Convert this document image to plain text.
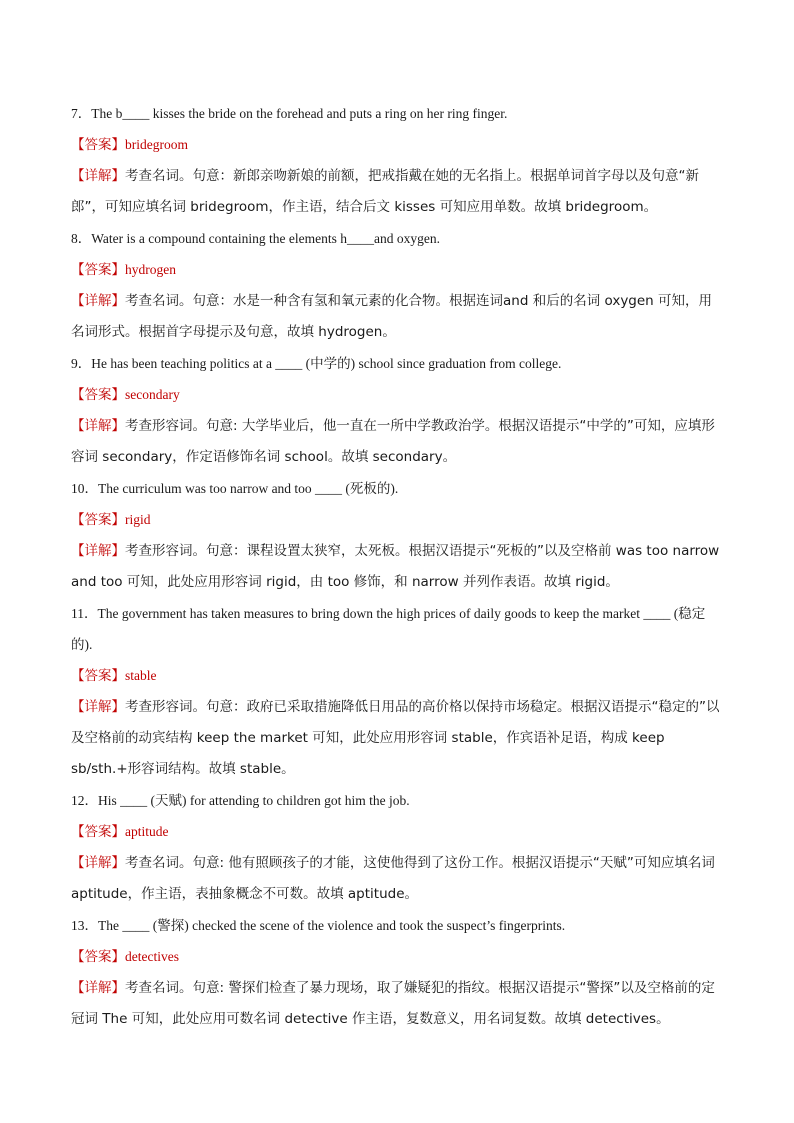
7．The b____ kisses the bride on the forehead and puts a ring on her ring finger.

【答案】bridegroom

【详解】考查名词。句意：新郎亲吻新娘的前额，把戒指戴在她的无名指上。根据单词首字母以及句意“新郎”，可知应填名词 bridegroom，作主语，结合后文 kisses 可知应用单数。故填 bridegroom。

8．Water is a compound containing the elements h____and oxygen.

【答案】hydrogen

【详解】考查名词。句意：水是一种含有氢和氧元素的化合物。根据连词and 和后的名词 oxygen 可知，用名词形式。根据首字母提示及句意，故填 hydrogen。

9．He has been teaching politics at a ____ (中学的) school since graduation from college.

【答案】secondary

【详解】考查形容词。句意: 大学毕业后，他一直在一所中学教政治学。根据汉语提示“中学的”可知，应填形容词 secondary，作定语修饰名词 school。故填 secondary。

10．The curriculum was too narrow and too ____ (死板的).

【答案】rigid

【详解】考查形容词。句意：课程设置太狭窄，太死板。根据汉语提示“死板的”以及空格前 was too narrow and too 可知，此处应用形容词 rigid，由 too 修饰，和 narrow 并列作表语。故填 rigid。

11．The government has taken measures to bring down the high prices of daily goods to keep the market ____ (稳定的).

【答案】stable

【详解】考查形容词。句意：政府已采取措施降低日用品的高价格以保持市场稳定。根据汉语提示“稳定的”以及空格前的动宾结构 keep the market 可知，此处应用形容词 stable，作宾语补足语，构成 keep sb/sth.+形容词结构。故填 stable。

12．His ____ (天赋) for attending to children got him the job.

【答案】aptitude

【详解】考查名词。句意: 他有照顾孩子的才能，这使他得到了这份工作。根据汉语提示“天赋”可知应填名词 aptitude，作主语，表抽象概念不可数。故填 aptitude。

13．The ____ (警探) checked the scene of the violence and took the suspect’s fingerprints.

【答案】detectives

【详解】考查名词。句意: 警探们检查了暴力现场，取了嫌疑犯的指纹。根据汉语提示“警探”以及空格前的定冠词 The 可知，此处应用可数名词 detective 作主语，复数意义，用名词复数。故填 detectives。
